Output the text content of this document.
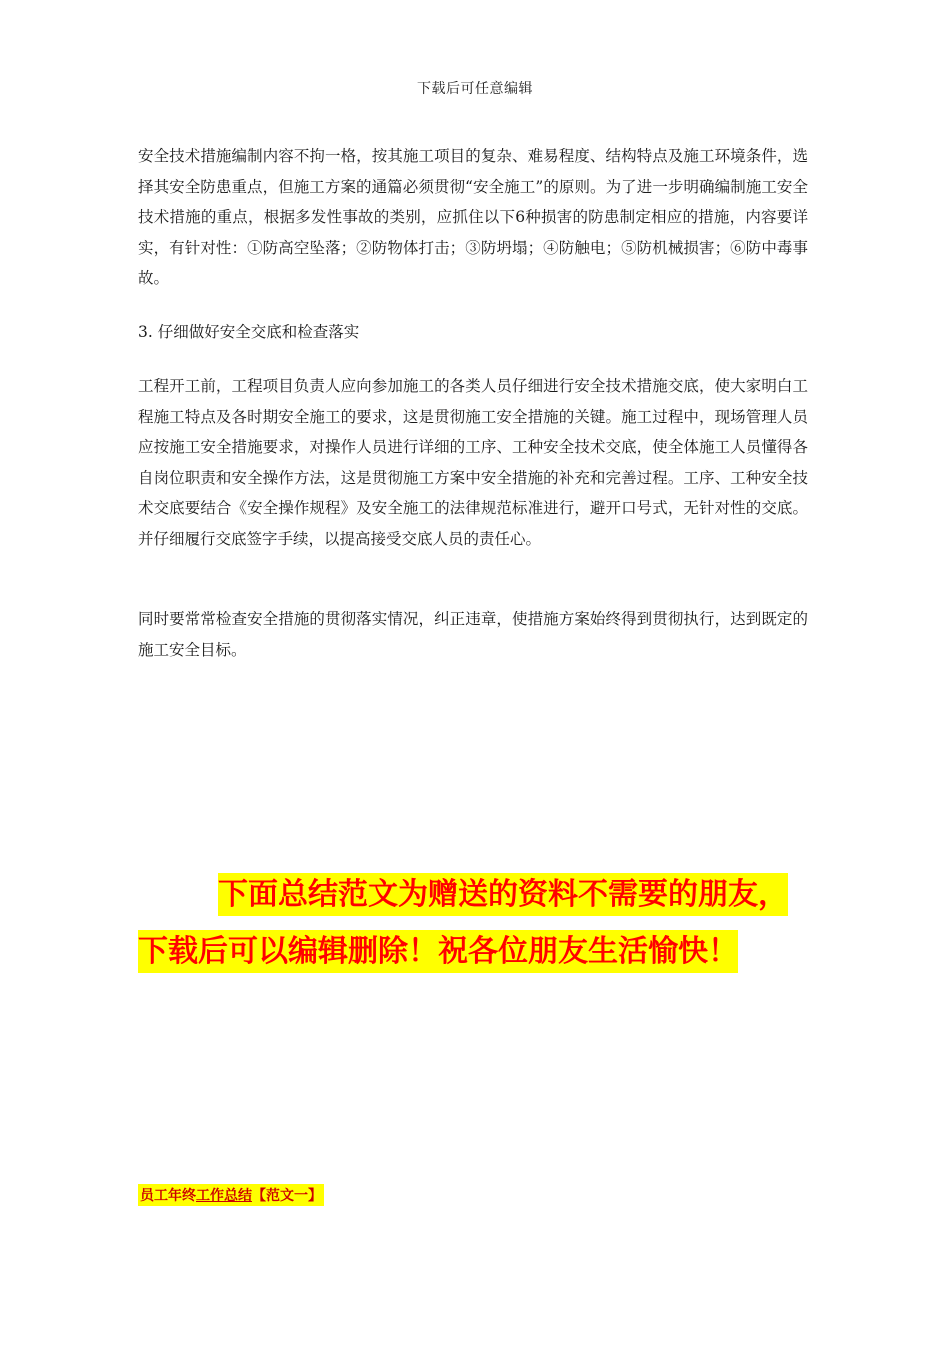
下载后可任意编辑

安全技术措施编制内容不拘一格，按其施工项目的复杂、难易程度、结构特点及施工环境条件，选择其安全防患重点，但施工方案的通篇必须贯彻“安全施工”的原则。为了进一步明确编制施工安全技术措施的重点，根据多发性事故的类别，应抓住以下6种损害的防患制定相应的措施，内容要详实，有针对性：①防高空坠落；②防物体打击；③防坍塌；④防触电；⑤防机械损害；⑥防中毒事故。

3. 仔细做好安全交底和检查落实

工程开工前，工程项目负责人应向参加施工的各类人员仔细进行安全技术措施交底，使大家明白工程施工特点及各时期安全施工的要求，这是贯彻施工安全措施的关键。施工过程中，现场管理人员应按施工安全措施要求，对操作人员进行详细的工序、工种安全技术交底，使全体施工人员懂得各自岗位职责和安全操作方法，这是贯彻施工方案中安全措施的补充和完善过程。工序、工种安全技术交底要结合《安全操作规程》及安全施工的法律规范标准进行，避开口号式，无针对性的交底。并仔细履行交底签字手续，以提高接受交底人员的责任心。

同时要常常检查安全措施的贯彻落实情况，纠正违章，使措施方案始终得到贯彻执行，达到既定的施工安全目标。

下面总结范文为赠送的资料不需要的朋友，下载后可以编辑删除！祝各位朋友生活愉快！

员工年终工作总结【范文一】
